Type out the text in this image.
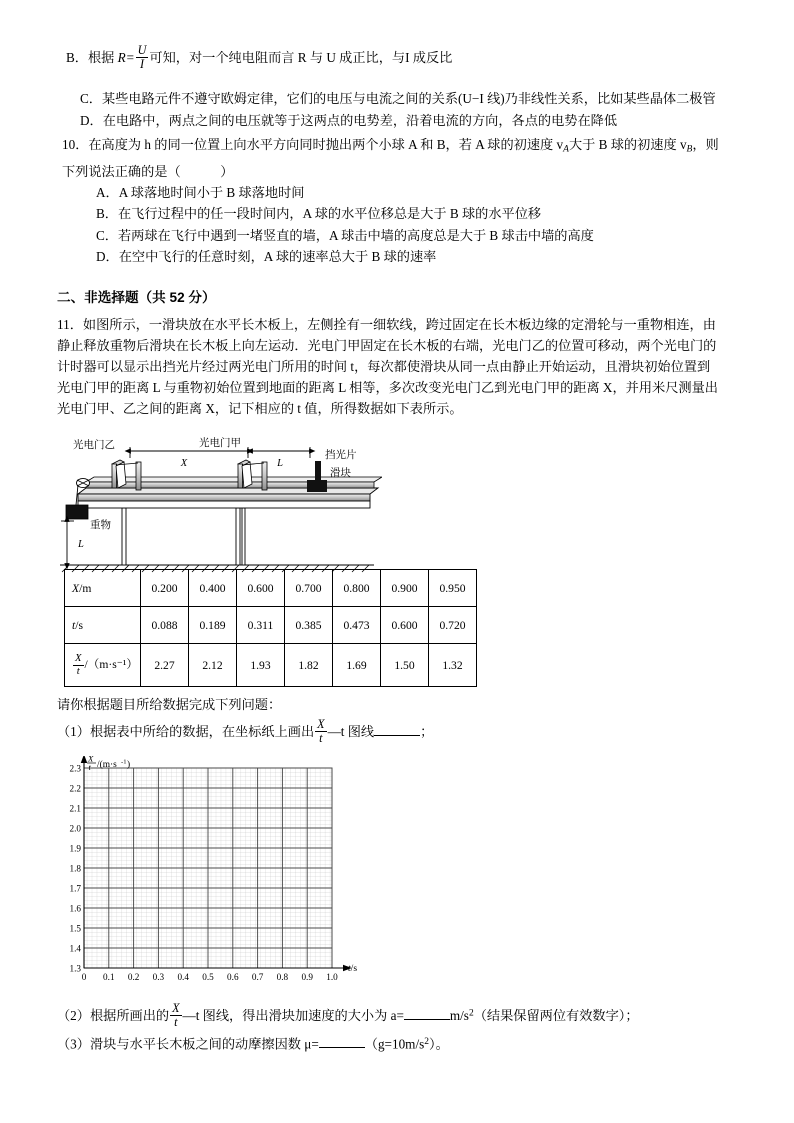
B．根据 $R= \frac{U}{I}$ 可知，对一个纯电阻而言 R 与 U 成正比，与I 成反比
C．某些电路元件不遵守欧姆定律，它们的电压与电流之间的关系(U−I 线)乃非线性关系，比如某些晶体二极管
D．在电路中，两点之间的电压就等于这两点的电势差，沿着电流的方向，各点的电势在降低
10．在高度为 h 的同一位置上向水平方向同时抛出两个小球 A 和 B，若 A 球的初速度 $v_A$大于 B 球的初速度 $v_B$，则
下列说法正确的是（　　　）
A．A 球落地时间小于 B 球落地时间
B．在飞行过程中的任一段时间内，A 球的水平位移总是大于 B 球的水平位移
C．若两球在飞行中遇到一堵竖直的墙，A 球击中墙的高度总是大于 B 球击中墙的高度
D．在空中飞行的任意时刻，A 球的速率总大于 B 球的速率
二、非选择题（共 52 分）
11．如图所示，一滑块放在水平长木板上，左侧拴有一细软线，跨过固定在长木板边缘的定滑轮与一重物相连，由
静止释放重物后滑块在长木板上向左运动．光电门甲固定在长木板的右端，光电门乙的位置可移动，两个光电门的
计时器可以显示出挡光片经过两光电门所用的时间 t，每次都使滑块从同一点由静止开始运动，且滑块初始位置到
光电门甲的距离 L 与重物初始位置到地面的距离 L 相等，多次改变光电门乙到光电门甲的距离 X，并用米尺测量出
光电门甲、乙之间的距离 X，记下相应的 t 值，所得数据如下表所示。
X	L
L
光电门乙	光电门甲
挡光片
滑块
重物
X/m	0.200	0.400	0.600	0.700	0.800	0.900	0.950
t/s	0.088	0.189	0.311	0.385	0.473	0.600	0.720

$\frac{X}{t} /(m\cdot s^{-1})$	2.27	2.12	1.93	1.82	1.69	1.50	1.32
请你根据题目所给数据完成下列问题：
（1）根据表中所给的数据，在坐标纸上画出 $\frac{X}{t}$ —t 图线	；
X
t /(m·s -1 )
2.3
2.2
2.1
2.0
1.9
1.8
1.7
1.6
1.5
1.4
1.3
0 0.1 0.2 0.3 0.4 0.5 0.6 0.7 0.8 0.9 1.0
t/s
（2）根据所画出的 $\frac{X}{t}$ —t 图线，得出滑块加速度的大小为 a=	$m/s^2$（结果保留两位有效数字）；
（3）滑块与水平长木板之间的动摩擦因数 μ=	$(g=10m/s^2)$。
